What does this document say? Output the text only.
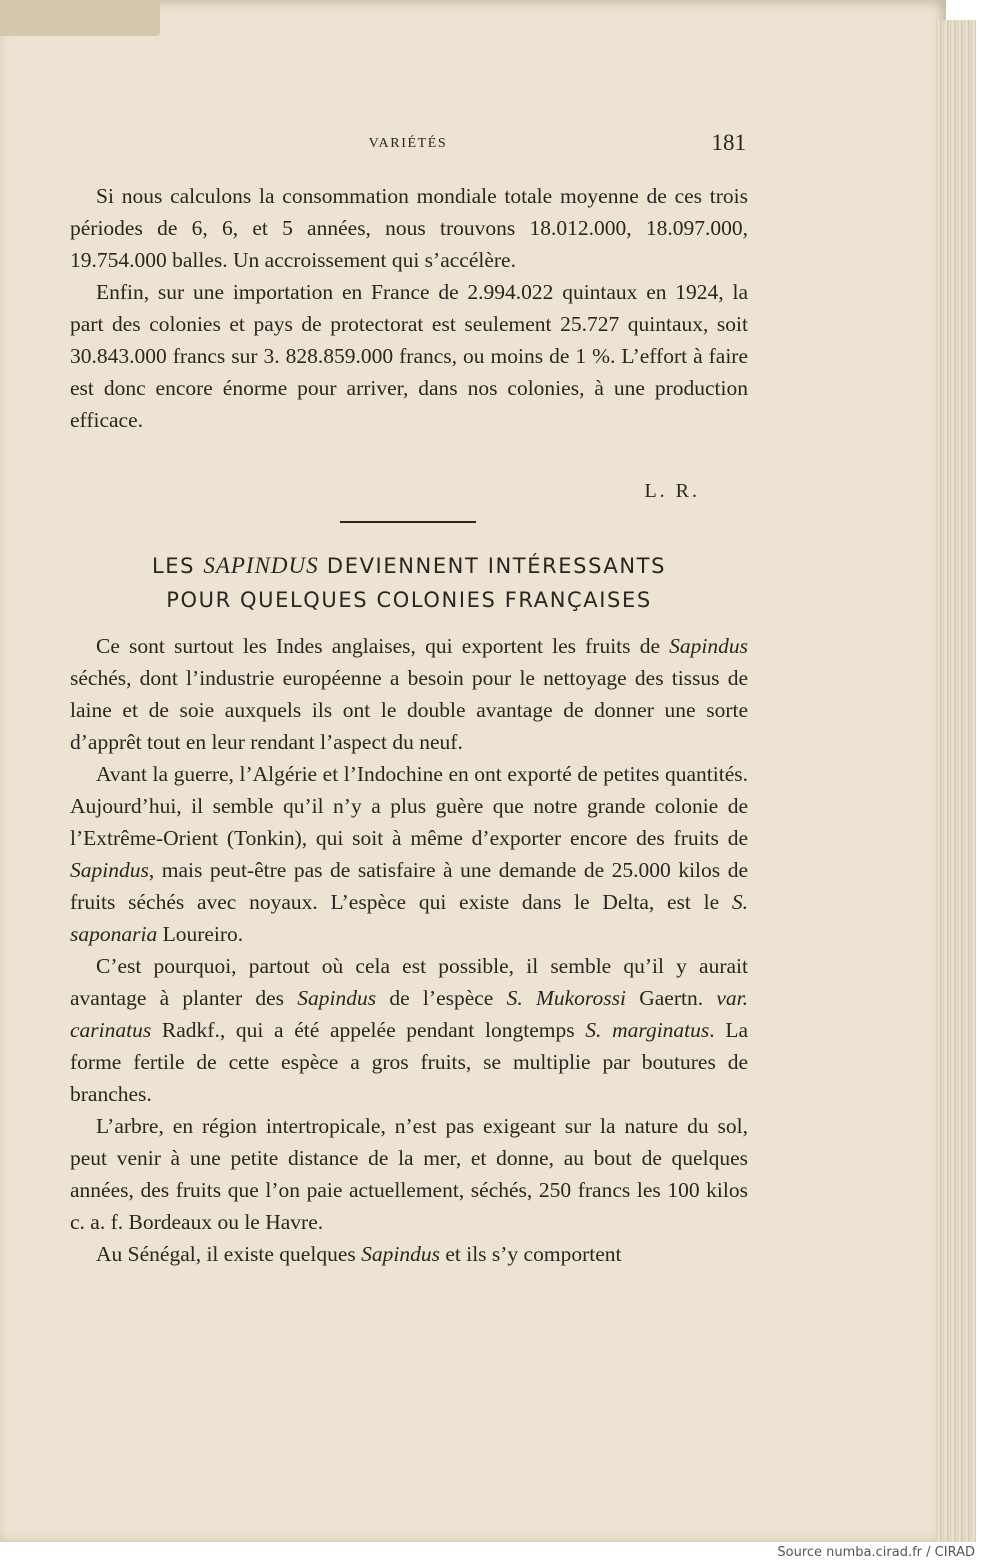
VARIÉTÉS	181

Si nous calculons la consommation mondiale totale moyenne de ces trois périodes de 6, 6, et 5 années, nous trouvons 18.012.000, 18.097.000, 19.754.000 balles. Un accroissement qui s’accélère.

Enfin, sur une importation en France de 2.994.022 quintaux en 1924, la part des colonies et pays de protectorat est seulement 25.727 quintaux, soit 30.843.000 francs sur 3. 828.859.000 francs, ou moins de 1 %. L’effort à faire est donc encore énorme pour arriver, dans nos colonies, à une production efficace.

L. R.
LES SAPINDUS DEVIENNENT INTÉRESSANTS
POUR QUELQUES COLONIES FRANÇAISES

Ce sont surtout les Indes anglaises, qui exportent les fruits de Sapindus séchés, dont l’industrie européenne a besoin pour le nettoyage des tissus de laine et de soie auxquels ils ont le double avantage de donner une sorte d’apprêt tout en leur rendant l’aspect du neuf.

Avant la guerre, l’Algérie et l’Indochine en ont exporté de petites quantités. Aujourd’hui, il semble qu’il n’y a plus guère que notre grande colonie de l’Extrême-Orient (Tonkin), qui soit à même d’exporter encore des fruits de Sapindus, mais peut-être pas de satisfaire à une demande de 25.000 kilos de fruits séchés avec noyaux. L’espèce qui existe dans le Delta, est le S. saponaria Loureiro.

C’est pourquoi, partout où cela est possible, il semble qu’il y aurait avantage à planter des Sapindus de l’espèce S. Mukorossi Gaertn. var. carinatus Radkf., qui a été appelée pendant longtemps S. marginatus. La forme fertile de cette espèce a gros fruits, se multiplie par boutures de branches.

L’arbre, en région intertropicale, n’est pas exigeant sur la nature du sol, peut venir à une petite distance de la mer, et donne, au bout de quelques années, des fruits que l’on paie actuellement, séchés, 250 francs les 100 kilos c. a. f. Bordeaux ou le Havre.

Au Sénégal, il existe quelques Sapindus et ils s’y comportent

Source numba.cirad.fr / CIRAD
